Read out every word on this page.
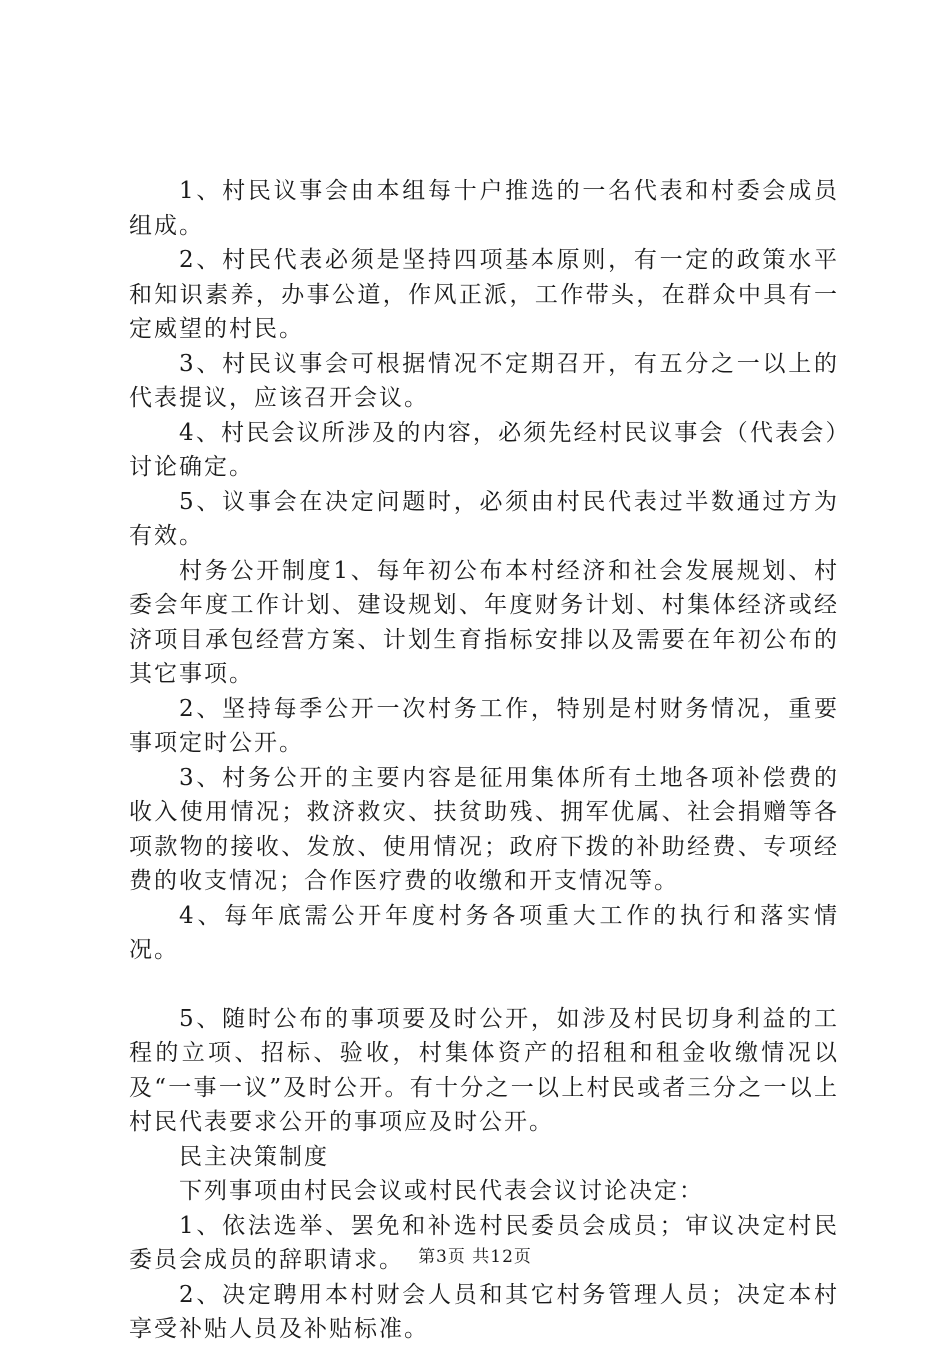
1、村民议事会由本组每十户推选的一名代表和村委会成员组成。

2、村民代表必须是坚持四项基本原则，有一定的政策水平和知识素养，办事公道，作风正派，工作带头，在群众中具有一定威望的村民。

3、村民议事会可根据情况不定期召开，有五分之一以上的代表提议，应该召开会议。

4、村民会议所涉及的内容，必须先经村民议事会（代表会）讨论确定。

5、议事会在决定问题时，必须由村民代表过半数通过方为有效。

村务公开制度1、每年初公布本村经济和社会发展规划、村委会年度工作计划、建设规划、年度财务计划、村集体经济或经济项目承包经营方案、计划生育指标安排以及需要在年初公布的其它事项。

2、坚持每季公开一次村务工作，特别是村财务情况，重要事项定时公开。

3、村务公开的主要内容是征用集体所有土地各项补偿费的收入使用情况；救济救灾、扶贫助残、拥军优属、社会捐赠等各项款物的接收、发放、使用情况；政府下拨的补助经费、专项经费的收支情况；合作医疗费的收缴和开支情况等。

4、每年底需公开年度村务各项重大工作的执行和落实情况。

5、随时公布的事项要及时公开，如涉及村民切身利益的工程的立项、招标、验收，村集体资产的招租和租金收缴情况以及“一事一议”及时公开。有十分之一以上村民或者三分之一以上村民代表要求公开的事项应及时公开。

民主决策制度

下列事项由村民会议或村民代表会议讨论决定：

1、依法选举、罢免和补选村民委员会成员；审议决定村民委员会成员的辞职请求。

2、决定聘用本村财会人员和其它村务管理人员；决定本村享受补贴人员及补贴标准。

第3页 共12页
